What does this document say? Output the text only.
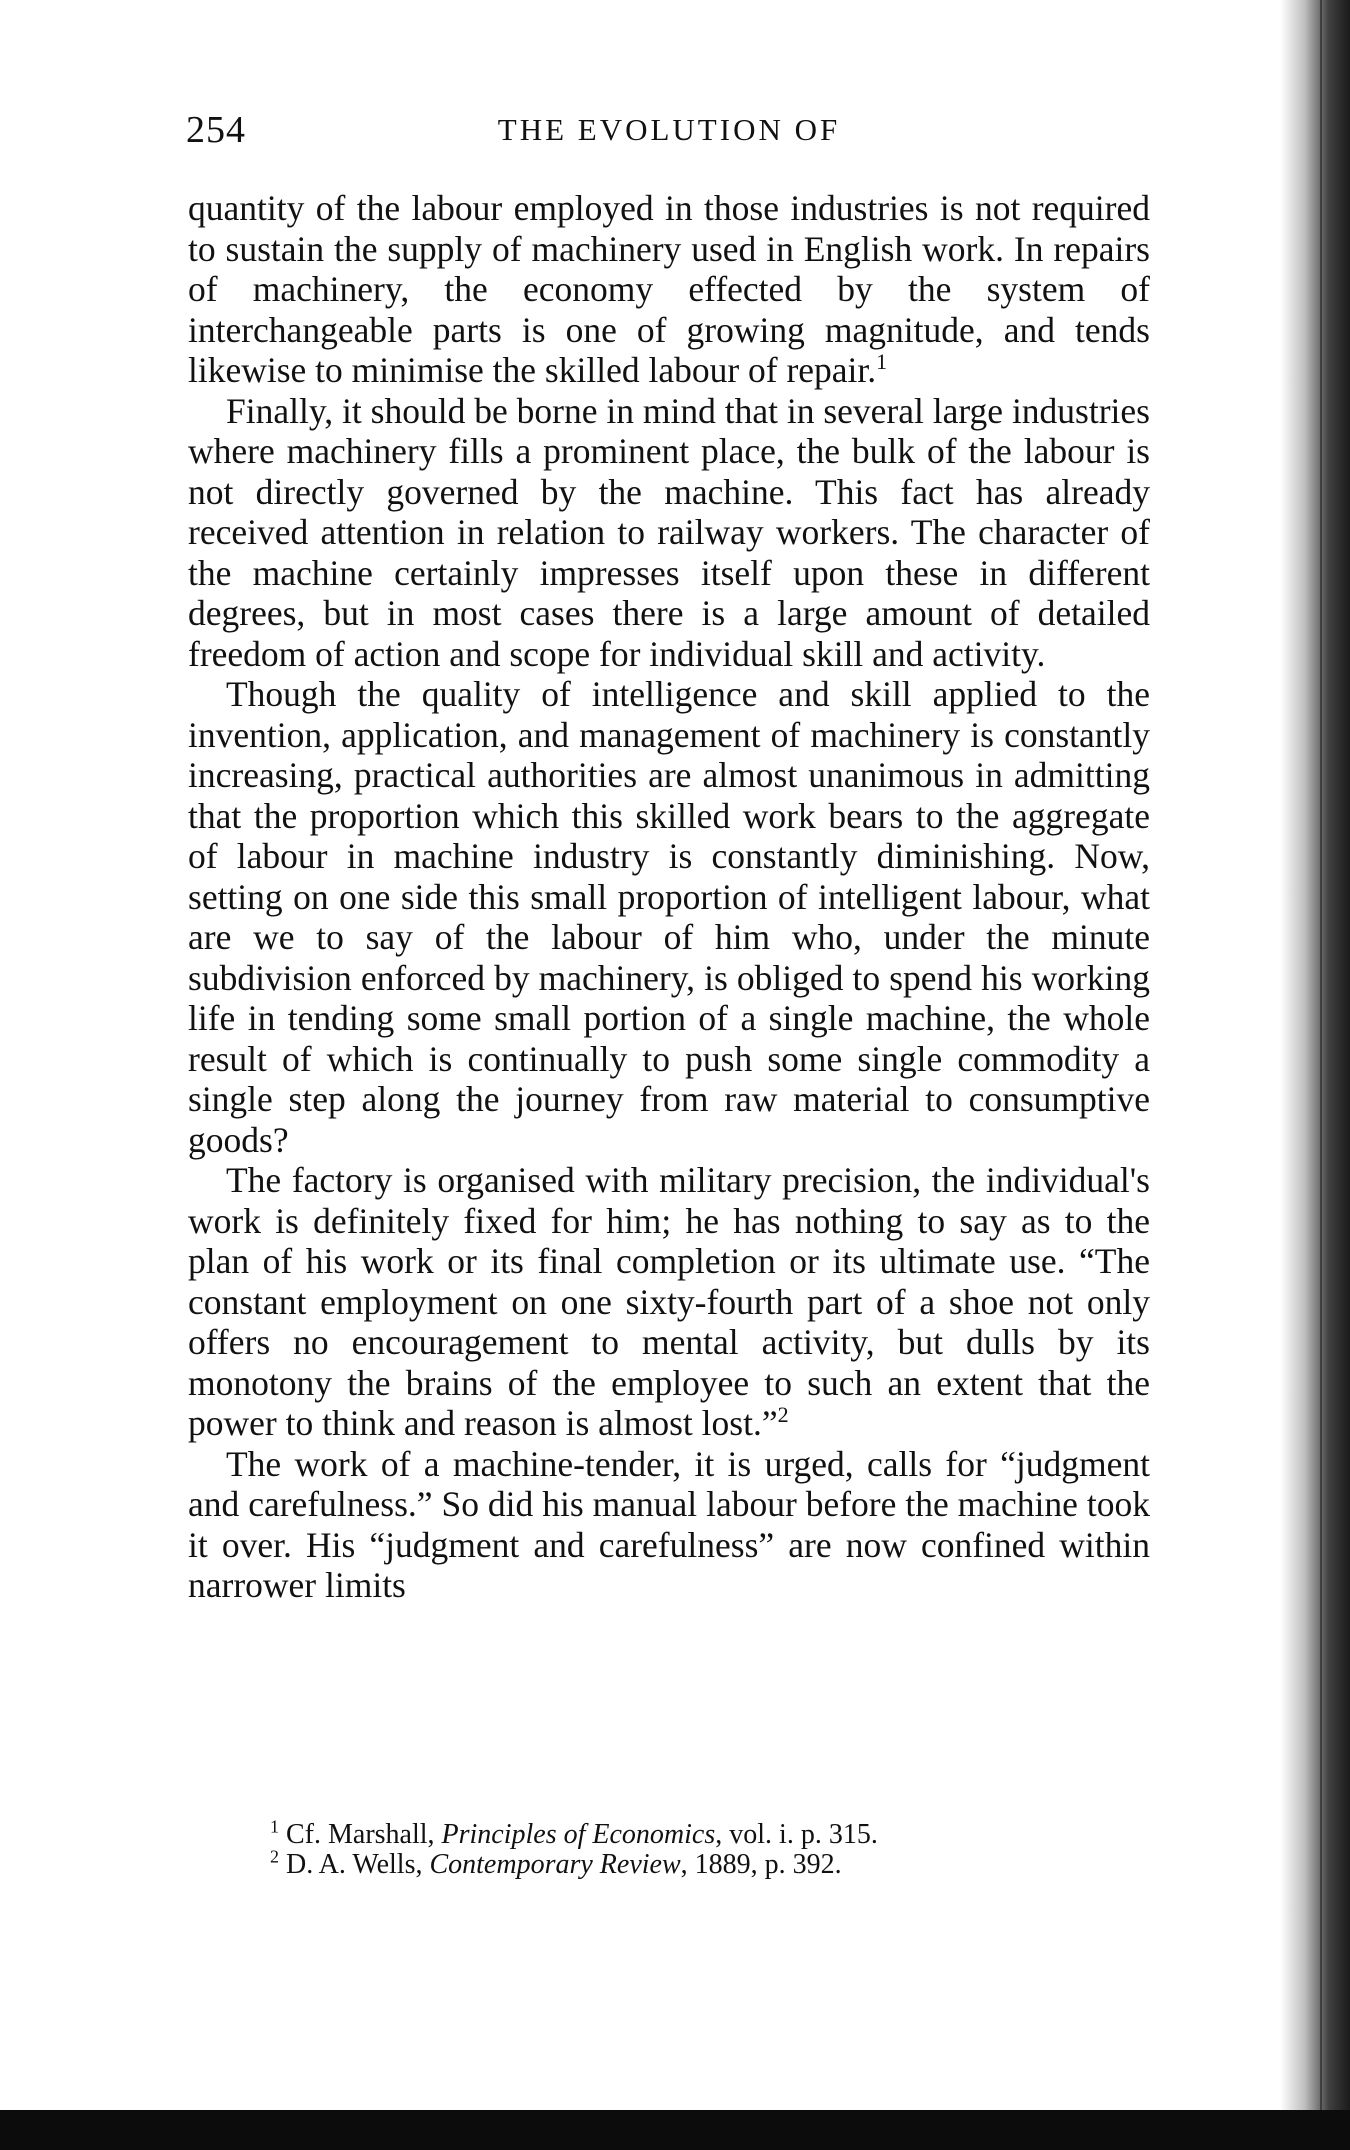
254	THE EVOLUTION OF

quantity of the labour employed in those industries is not required to sustain the supply of machinery used in English work. In repairs of machinery, the economy effected by the system of interchangeable parts is one of growing magnitude, and tends likewise to minimise the skilled labour of repair.$^1$

Finally, it should be borne in mind that in several large industries where machinery fills a prominent place, the bulk of the labour is not directly governed by the machine. This fact has already received attention in relation to railway workers. The character of the machine certainly impresses itself upon these in different degrees, but in most cases there is a large amount of detailed freedom of action and scope for individual skill and activity.

Though the quality of intelligence and skill applied to the invention, application, and management of machinery is constantly increasing, practical authorities are almost unanimous in admitting that the proportion which this skilled work bears to the aggregate of labour in machine industry is constantly diminishing. Now, setting on one side this small proportion of intelligent labour, what are we to say of the labour of him who, under the minute subdivision enforced by machinery, is obliged to spend his working life in tending some small portion of a single machine, the whole result of which is continually to push some single commodity a single step along the journey from raw material to consumptive goods?

The factory is organised with military precision, the individual's work is definitely fixed for him; he has nothing to say as to the plan of his work or its final completion or its ultimate use. “The constant employment on one sixty-fourth part of a shoe not only offers no encouragement to mental activity, but dulls by its monotony the brains of the employee to such an extent that the power to think and reason is almost lost.”$^2$

The work of a machine-tender, it is urged, calls for “judgment and carefulness.” So did his manual labour before the machine took it over. His “judgment and carefulness” are now confined within narrower limits

$^1$ Cf. Marshall, Principles of Economics, vol. i. p. 315.

$^2$ D. A. Wells, Contemporary Review, 1889, p. 392.
